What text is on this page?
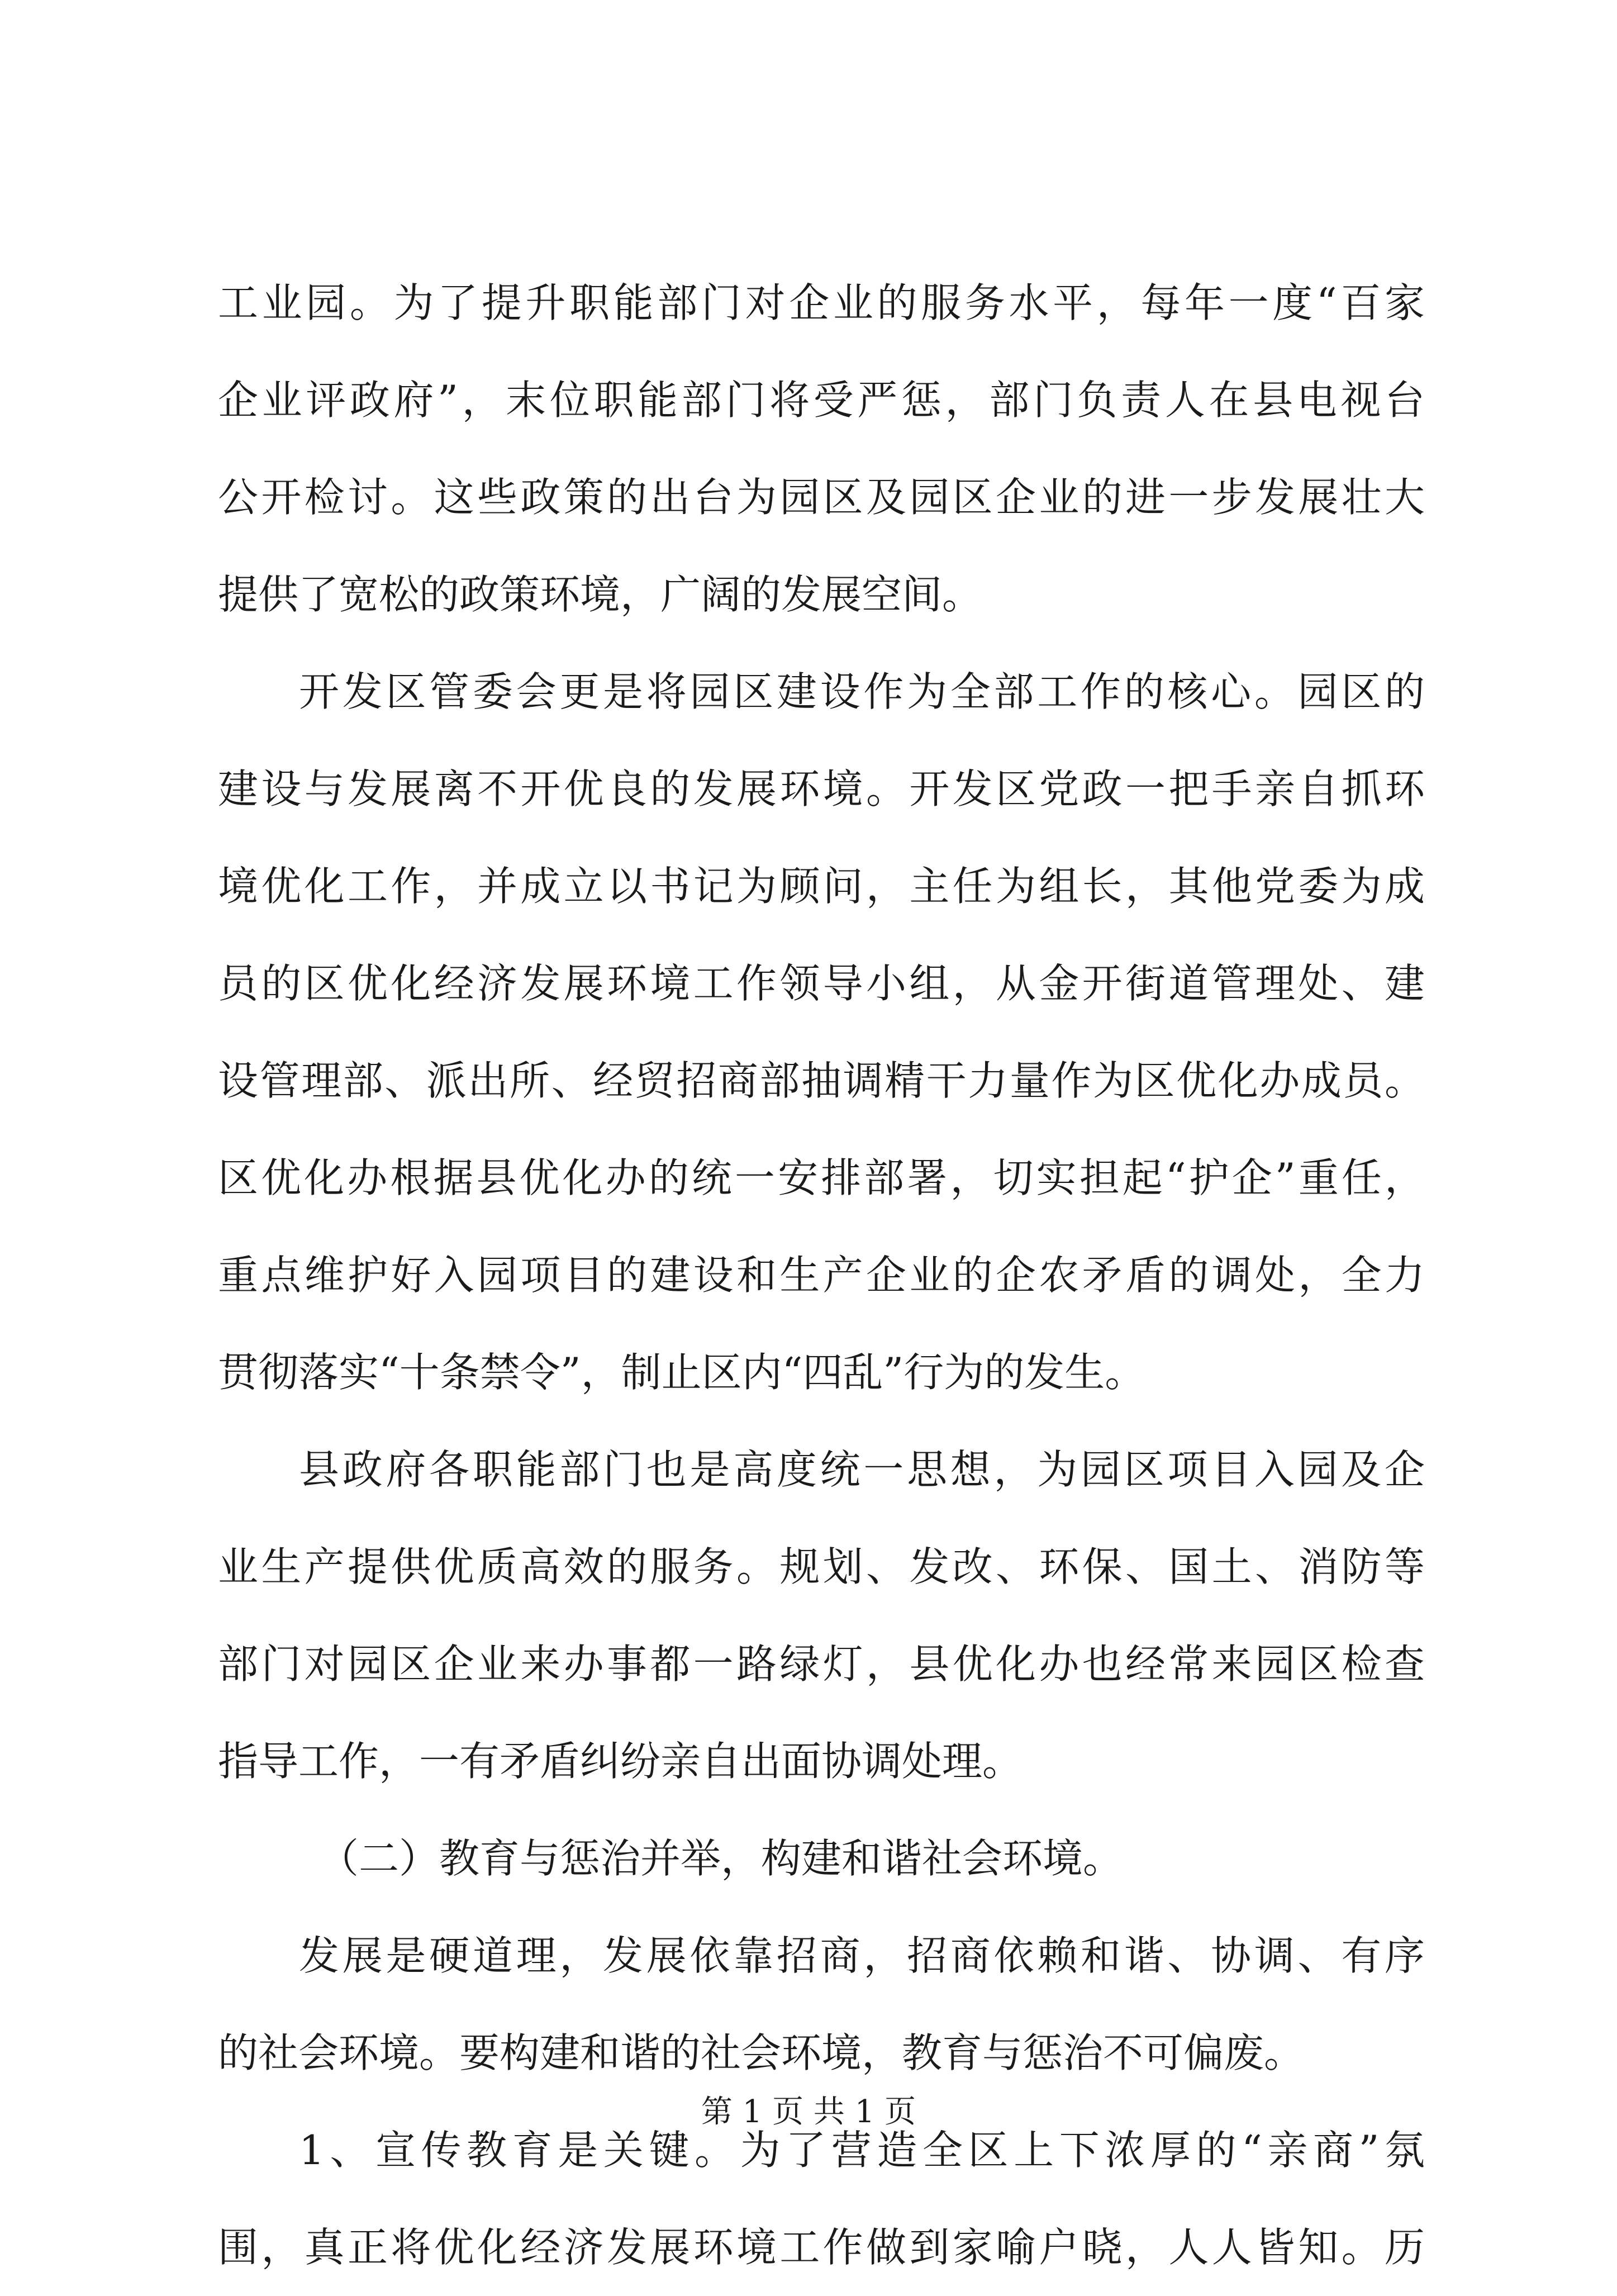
工业园。为了提升职能部门对企业的服务水平，每年一度“百家
企业评政府”，末位职能部门将受严惩，部门负责人在县电视台
公开检讨。这些政策的出台为园区及园区企业的进一步发展壮大
提供了宽松的政策环境，广阔的发展空间。
开发区管委会更是将园区建设作为全部工作的核心。园区的
建设与发展离不开优良的发展环境。开发区党政一把手亲自抓环
境优化工作，并成立以书记为顾问，主任为组长，其他党委为成
员的区优化经济发展环境工作领导小组，从金开街道管理处、建
设管理部、派出所、经贸招商部抽调精干力量作为区优化办成员。
区优化办根据县优化办的统一安排部署，切实担起“护企”重任，
重点维护好入园项目的建设和生产企业的企农矛盾的调处，全力
贯彻落实“十条禁令”，制止区内“四乱”行为的发生。
县政府各职能部门也是高度统一思想，为园区项目入园及企
业生产提供优质高效的服务。规划、发改、环保、国土、消防等
部门对园区企业来办事都一路绿灯，县优化办也经常来园区检查
指导工作，一有矛盾纠纷亲自出面协调处理。
（二）教育与惩治并举，构建和谐社会环境。
发展是硬道理，发展依靠招商，招商依赖和谐、协调、有序
的社会环境。要构建和谐的社会环境，教育与惩治不可偏废。
1、宣传教育是关键。为了营造全区上下浓厚的“亲商”氛
围，真正将优化经济发展环境工作做到家喻户晓，人人皆知。历
第 1 页 共 1 页
